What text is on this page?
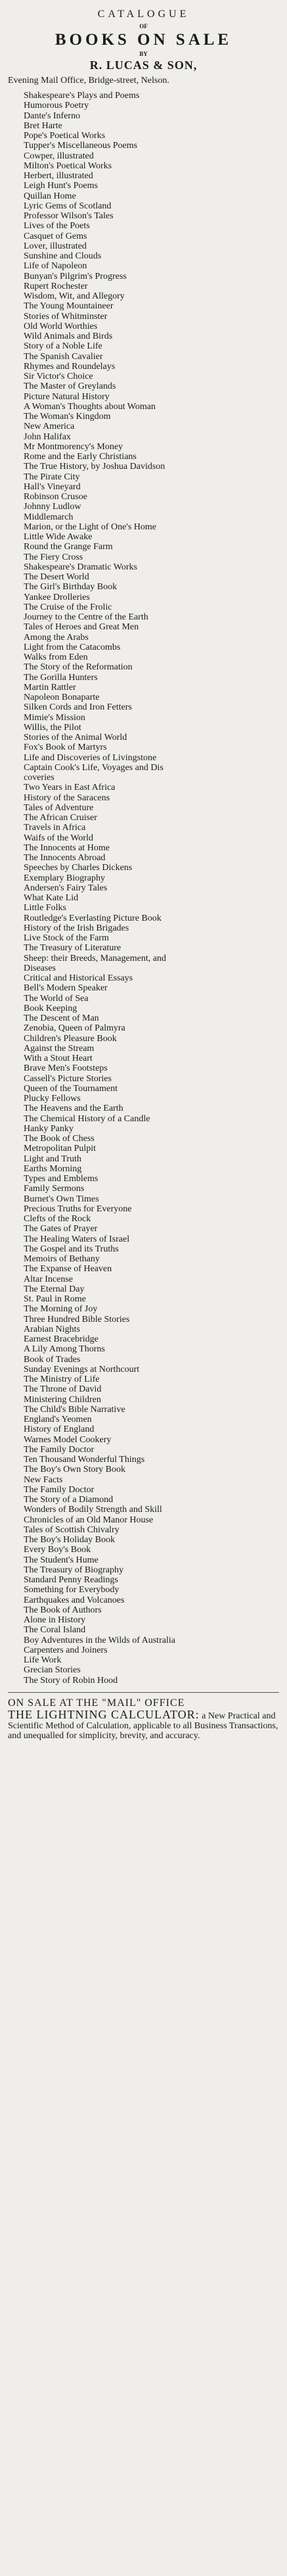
CATALOGUE
OF
BOOKS ON SALE
BY
R. LUCAS & SON,
Evening Mail Office, Bridge-street, Nelson.
Shakespeare's Plays and Poems
Humorous Poetry
Dante's Inferno
Bret Harte
Pope's Poetical Works
Tupper's Miscellaneous Poems
Cowper, illustrated
Milton's Poetical Works
Herbert, illustrated
Leigh Hunt's Poems
Quillan Home
Lyric Gems of Scotland
Professor Wilson's Tales
Lives of the Poets
Casquet of Gems
Lover, illustrated
Sunshine and Clouds
Life of Napoleon
Bunyan's Pilgrim's Progress
Rupert Rochester
Wisdom, Wit, and Allegory
The Young Mountaineer
Stories of Whitminster
Old World Worthies
Wild Animals and Birds
Story of a Noble Life
The Spanish Cavalier
Rhymes and Roundelays
Sir Victor's Choice
The Master of Greylands
Picture Natural History
A Woman's Thoughts about Woman
The Woman's Kingdom
New America
John Halifax
Mr Montmorency's Money
Rome and the Early Christians
The True History, by Joshua Davidson
The Pirate City
Hall's Vineyard
Robinson Crusoe
Johnny Ludlow
Middlemarch
Marion, or the Light of One's Home
Little Wide Awake
Round the Grange Farm
The Fiery Cross
Shakespeare's Dramatic Works
The Desert World
The Girl's Birthday Book
Yankee Drolleries
The Cruise of the Frolic
Journey to the Centre of the Earth
Tales of Heroes and Great Men
Among the Arabs
Light from the Catacombs
Walks from Eden
The Story of the Reformation
The Gorilla Hunters
Martin Rattler
Napoleon Bonaparte
Silken Cords and Iron Fetters
Mimie's Mission
Willis, the Pilot
Stories of the Animal World
Fox's Book of Martyrs
Life and Discoveries of Livingstone
Captain Cook's Life, Voyages and Dis
coveries
Two Years in East Africa
History of the Saracens
Tales of Adventure
The African Cruiser
Travels in Africa
Waifs of the World
The Innocents at Home
The Innocents Abroad
Speeches by Charles Dickens
Exemplary Biography
Andersen's Fairy Tales
What Kate Lid
Little Folks
Routledge's Everlasting Picture Book
History of the Irish Brigades
Live Stock of the Farm
The Treasury of Literature
Sheep: their Breeds, Management, and
Diseases
Critical and Historical Essays
Bell's Modern Speaker
The World of Sea
Book Keeping
The Descent of Man
Zenobia, Queen of Palmyra
Children's Pleasure Book
Against the Stream
With a Stout Heart
Brave Men's Footsteps
Cassell's Picture Stories
Queen of the Tournament
Plucky Fellows
The Heavens and the Earth
The Chemical History of a Candle
Hanky Panky
The Book of Chess
Metropolitan Pulpit
Light and Truth
Earths Morning
Types and Emblems
Family Sermons
Burnet's Own Times
Precious Truths for Everyone
Clefts of the Rock
The Gates of Prayer
The Healing Waters of Israel
The Gospel and its Truths
Memoirs of Bethany
The Expanse of Heaven
Altar Incense
The Eternal Day
St. Paul in Rome
The Morning of Joy
Three Hundred Bible Stories
Arabian Nights
Earnest Bracebridge
A Lily Among Thorns
Book of Trades
Sunday Evenings at Northcourt
The Ministry of Life
The Throne of David
Ministering Children
The Child's Bible Narrative
England's Yeomen
History of England
Warnes Model Cookery
The Family Doctor
Ten Thousand Wonderful Things
The Boy's Own Story Book
New Facts
The Family Doctor
The Story of a Diamond
Wonders of Bodily Strength and Skill
Chronicles of an Old Manor House
Tales of Scottish Chivalry
The Boy's Holiday Book
Every Boy's Book
The Student's Hume
The Treasury of Biography
Standard Penny Readings
Something for Everybody
Earthquakes and Volcanoes
The Book of Authors
Alone in History
The Coral Island
Boy Adventures in the Wilds of Australia
Carpenters and Joiners
Life Work
Grecian Stories
The Story of Robin Hood
ON SALE AT THE "MAIL" OFFICE
THE LIGHTNING CALCULATOR: a New Practical and Scientific Method of Calculation, applicable to all Business Transactions, and unequalled for simplicity, brevity, and accuracy.
